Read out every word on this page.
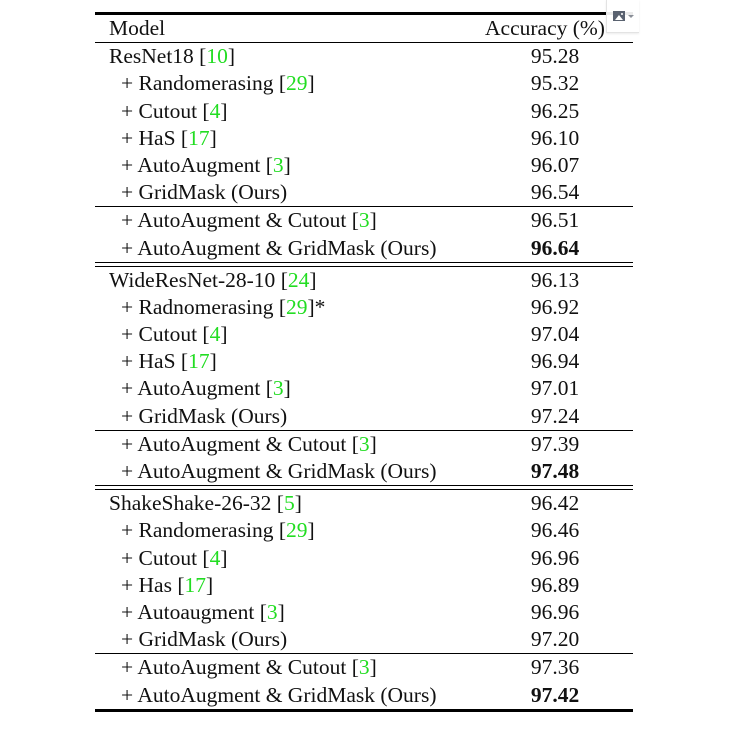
Model	Accuracy (%)
ResNet18 [10]	95.28
+ Randomerasing [29]	95.32
+ Cutout [4]	96.25
+ HaS [17]	96.10
+ AutoAugment [3]	96.07
+ GridMask (Ours)	96.54
+ AutoAugment & Cutout [3]	96.51
+ AutoAugment & GridMask (Ours)	96.64
WideResNet-28-10 [24]	96.13
+ Radnomerasing [29]*	96.92
+ Cutout [4]	97.04
+ HaS [17]	96.94
+ AutoAugment [3]	97.01
+ GridMask (Ours)	97.24
+ AutoAugment & Cutout [3]	97.39
+ AutoAugment & GridMask (Ours)	97.48
ShakeShake-26-32 [5]	96.42
+ Randomerasing [29]	96.46
+ Cutout [4]	96.96
+ Has [17]	96.89
+ Autoaugment [3]	96.96
+ GridMask (Ours)	97.20
+ AutoAugment & Cutout [3]	97.36
+ AutoAugment & GridMask (Ours)	97.42
